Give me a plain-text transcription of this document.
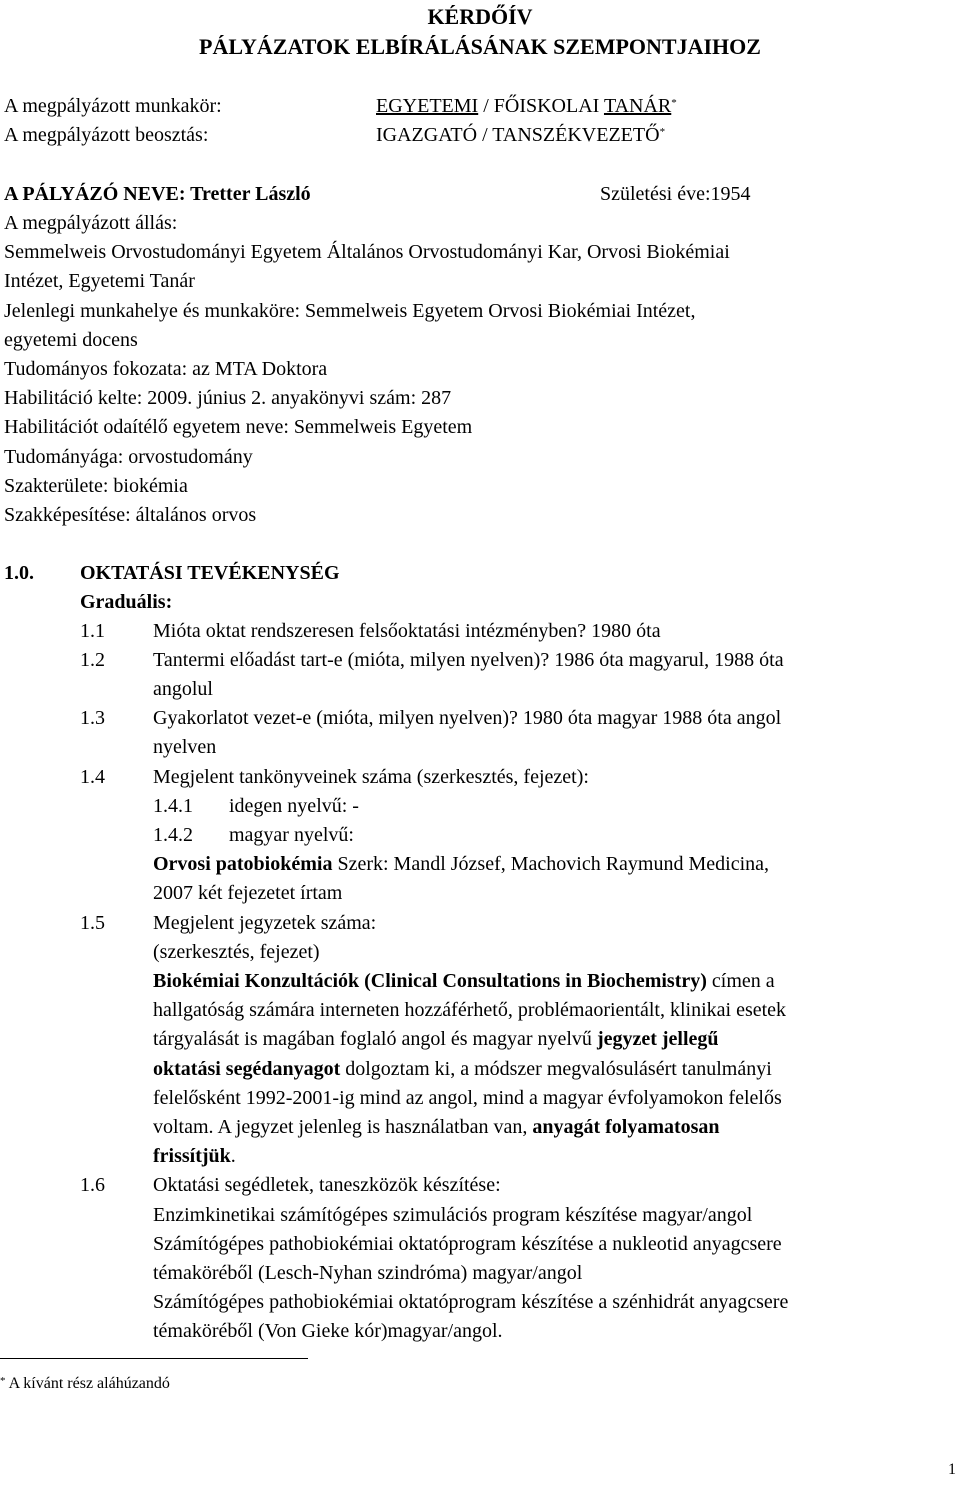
KÉRDŐÍV
PÁLYÁZATOK ELBÍRÁLÁSÁNAK SZEMPONTJAIHOZ
A megpályázott munkakör:	EGYETEMI / FŐISKOLAI TANÁR*
A megpályázott beosztás:	IGAZGATÓ / TANSZÉKVEZETŐ*
A PÁLYÁZÓ NEVE: Tretter László	Születési éve:1954
A megpályázott állás:
Semmelweis Orvostudományi Egyetem Általános Orvostudományi Kar, Orvosi Biokémiai
Intézet, Egyetemi Tanár
Jelenlegi munkahelye és munkaköre: Semmelweis Egyetem Orvosi Biokémiai Intézet,
egyetemi docens
Tudományos fokozata: az MTA Doktora
Habilitáció kelte: 2009. június 2. anyakönyvi szám: 287
Habilitációt odaítélő egyetem neve: Semmelweis Egyetem
Tudományága: orvostudomány
Szakterülete: biokémia
Szakképesítése: általános orvos
1.0. OKTATÁSI TEVÉKENYSÉG
Graduális:
1.1 Mióta oktat rendszeresen felsőoktatási intézményben? 1980 óta
1.2 Tantermi előadást tart-e (mióta, milyen nyelven)? 1986 óta magyarul, 1988 óta
angolul
1.3 Gyakorlatot vezet-e (mióta, milyen nyelven)? 1980 óta magyar 1988 óta angol
nyelven
1.4 Megjelent tankönyveinek száma (szerkesztés, fejezet):
1.4.1 idegen nyelvű: -
1.4.2 magyar nyelvű:
Orvosi patobiokémia Szerk: Mandl József, Machovich Raymund Medicina,
2007 két fejezetet írtam
1.5 Megjelent jegyzetek száma:
(szerkesztés, fejezet)
Biokémiai Konzultációk (Clinical Consultations in Biochemistry) címen a
hallgatóság számára interneten hozzáférhető, problémaorientált, klinikai esetek
tárgyalását is magában foglaló angol és magyar nyelvű jegyzet jellegű
oktatási segédanyagot dolgoztam ki, a módszer megvalósulásért tanulmányi
felelősként 1992-2001-ig mind az angol, mind a magyar évfolyamokon felelős
voltam. A jegyzet jelenleg is használatban van, anyagát folyamatosan
frissítjük.
1.6 Oktatási segédletek, taneszközök készítése:
Enzimkinetikai számítógépes szimulációs program készítése magyar/angol
Számítógépes pathobiokémiai oktatóprogram készítése a nukleotid anyagcsere
témaköréből (Lesch-Nyhan szindróma) magyar/angol
Számítógépes pathobiokémiai oktatóprogram készítése a szénhidrát anyagcsere
témaköréből (Von Gieke kór)magyar/angol.
* A kívánt rész aláhúzandó
1
